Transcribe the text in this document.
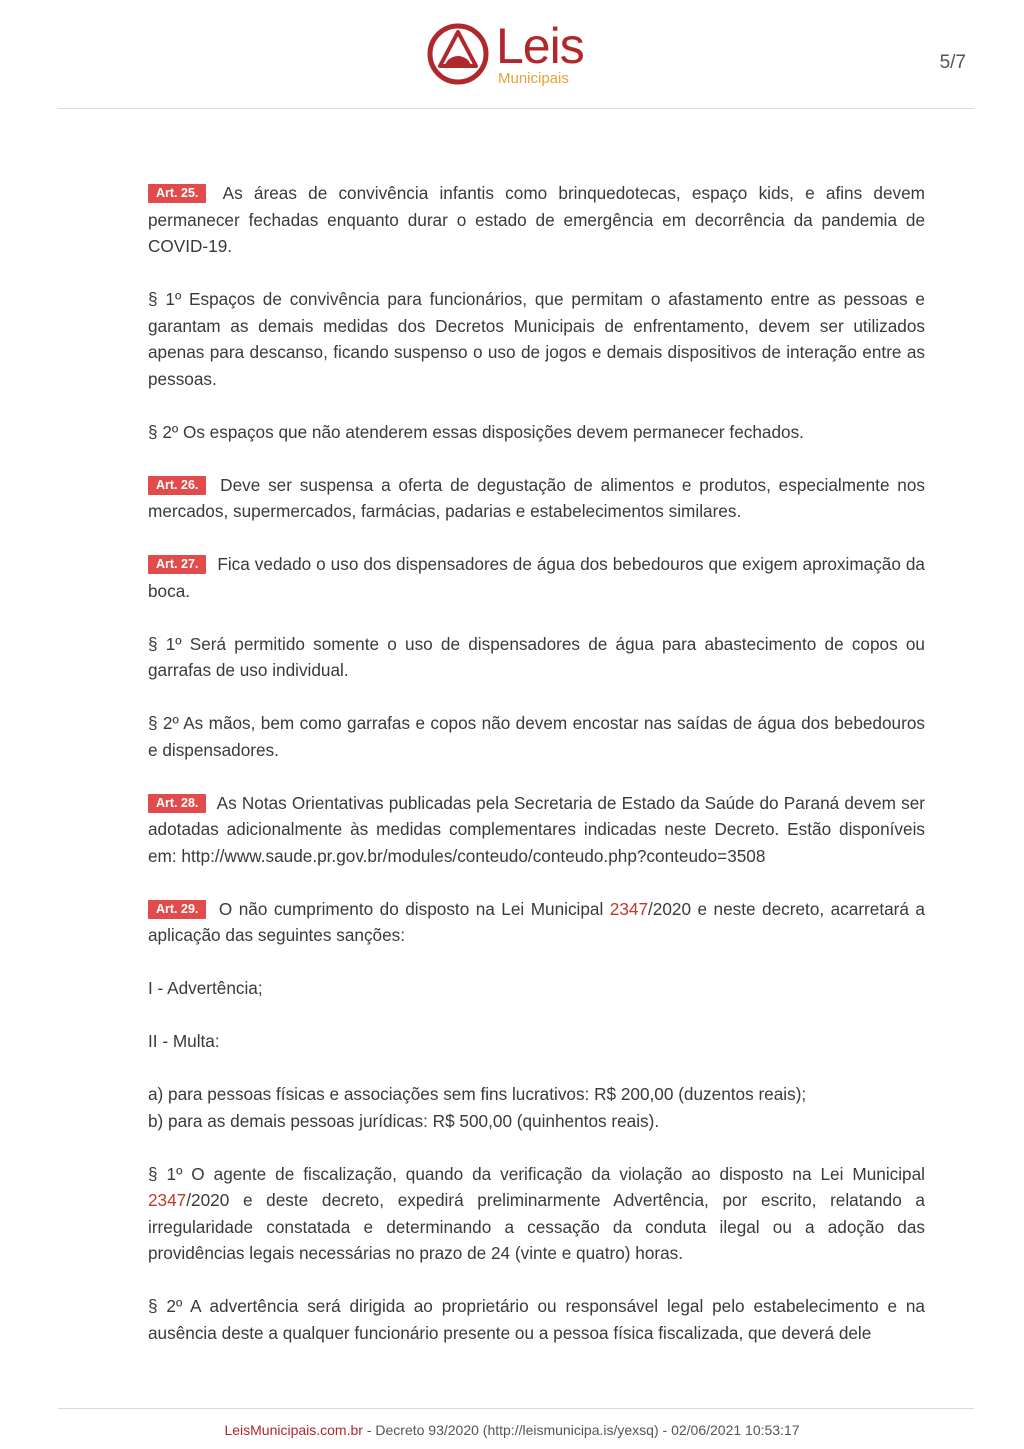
Leis
Municipais
5/7

Art. 25. As áreas de convivência infantis como brinquedotecas, espaço kids, e afins devem permanecer fechadas enquanto durar o estado de emergência em decorrência da pandemia de COVID-19.

§ 1º Espaços de convivência para funcionários, que permitam o afastamento entre as pessoas e garantam as demais medidas dos Decretos Municipais de enfrentamento, devem ser utilizados apenas para descanso, ficando suspenso o uso de jogos e demais dispositivos de interação entre as pessoas.

§ 2º Os espaços que não atenderem essas disposições devem permanecer fechados.

Art. 26. Deve ser suspensa a oferta de degustação de alimentos e produtos, especialmente nos mercados, supermercados, farmácias, padarias e estabelecimentos similares.

Art. 27. Fica vedado o uso dos dispensadores de água dos bebedouros que exigem aproximação da boca.

§ 1º Será permitido somente o uso de dispensadores de água para abastecimento de copos ou garrafas de uso individual.

§ 2º As mãos, bem como garrafas e copos não devem encostar nas saídas de água dos bebedouros e dispensadores.

Art. 28. As Notas Orientativas publicadas pela Secretaria de Estado da Saúde do Paraná devem ser adotadas adicionalmente às medidas complementares indicadas neste Decreto. Estão disponíveis em: http://www.saude.pr.gov.br/modules/conteudo/conteudo.php?conteudo=3508

Art. 29. O não cumprimento do disposto na Lei Municipal 2347/2020 e neste decreto, acarretará a aplicação das seguintes sanções:

I - Advertência;

II - Multa:

a) para pessoas físicas e associações sem fins lucrativos: R$ 200,00 (duzentos reais);

b) para as demais pessoas jurídicas: R$ 500,00 (quinhentos reais).

§ 1º O agente de fiscalização, quando da verificação da violação ao disposto na Lei Municipal 2347/2020 e deste decreto, expedirá preliminarmente Advertência, por escrito, relatando a irregularidade constatada e determinando a cessação da conduta ilegal ou a adoção das providências legais necessárias no prazo de 24 (vinte e quatro) horas.

§ 2º A advertência será dirigida ao proprietário ou responsável legal pelo estabelecimento e na ausência deste a qualquer funcionário presente ou a pessoa física fiscalizada, que deverá dele

LeisMunicipais.com.br - Decreto 93/2020 (http://leismunicipa.is/yexsq) - 02/06/2021 10:53:17
